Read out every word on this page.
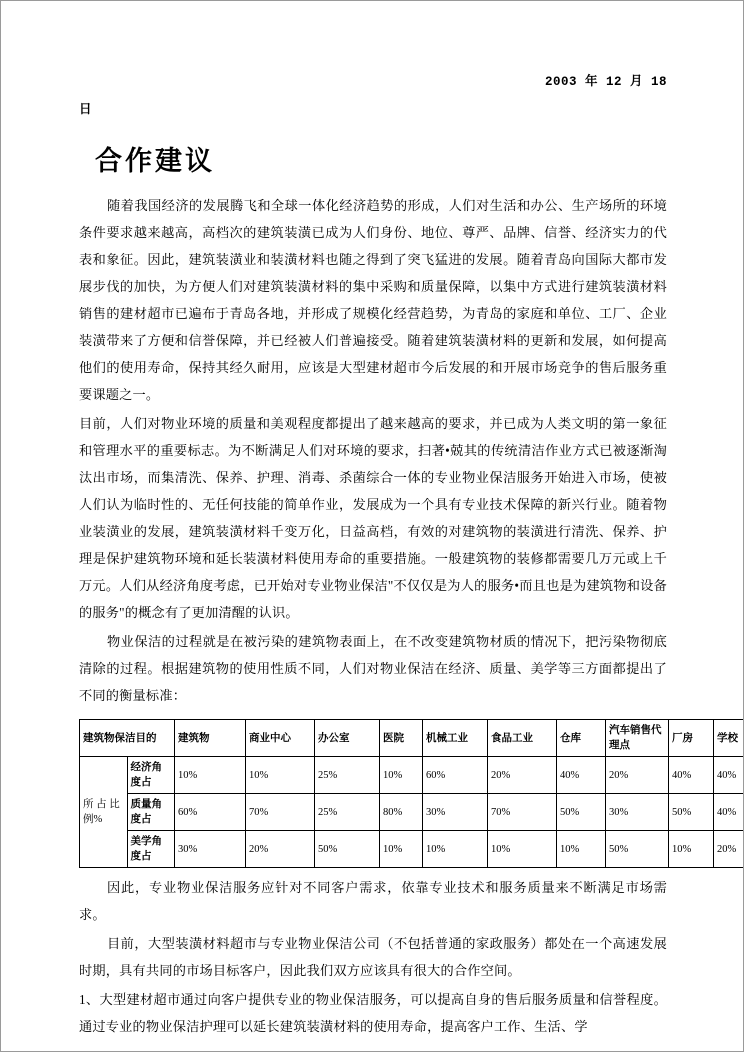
2003 年 12 月 18
日
合作建议

随着我国经济的发展腾飞和全球一体化经济趋势的形成，人们对生活和办公、生产场所的环境条件要求越来越高，高档次的建筑装潢已成为人们身份、地位、尊严、品牌、信誉、经济实力的代表和象征。因此，建筑装潢业和装潢材料也随之得到了突飞猛进的发展。随着青岛向国际大都市发展步伐的加快，为方便人们对建筑装潢材料的集中采购和质量保障，以集中方式进行建筑装潢材料销售的建材超市已遍布于青岛各地，并形成了规模化经营趋势，为青岛的家庭和单位、工厂、企业装潢带来了方便和信誉保障，并已经被人们普遍接受。随着建筑装潢材料的更新和发展，如何提高他们的使用寿命，保持其经久耐用，应该是大型建材超市今后发展的和开展市场竞争的售后服务重要课题之一。

目前，人们对物业环境的质量和美观程度都提出了越来越高的要求，并已成为人类文明的第一象征和管理水平的重要标志。为不断满足人们对环境的要求，扫著•兢其的传统清洁作业方式已被逐渐淘汰出市场，而集清洗、保养、护理、消毒、杀菌综合一体的专业物业保洁服务开始进入市场，使被人们认为临时性的、无任何技能的简单作业，发展成为一个具有专业技术保障的新兴行业。随着物业装潢业的发展，建筑装潢材料千变万化，日益高档，有效的对建筑物的装潢进行清洗、保养、护理是保护建筑物环境和延长装潢材料使用寿命的重要措施。一般建筑物的装修都需要几万元或上千万元。人们从经济角度考虑，已开始对专业物业保洁"不仅仅是为人的服务•而且也是为建筑物和设备的服务"的概念有了更加清醒的认识。

物业保洁的过程就是在被污染的建筑物表面上，在不改变建筑物材质的情况下，把污染物彻底清除的过程。根据建筑物的使用性质不同，人们对物业保洁在经济、质量、美学等三方面都提出了不同的衡量标准：

建筑物保洁目的		建筑物	商业中心	办公室	医院	机械工业	食品工业	仓库	汽车销售代理点	厂房	学校
所 占 比 例%	经济角度占	10%	10%	25%	10%	60%	20%	40%	20%	40%	40%
	质量角度占	60%	70%	25%	80%	30%	70%	50%	30%	50%	40%
	美学角度占	30%	20%	50%	10%	10%	10%	10%	50%	10%	20%

因此，专业物业保洁服务应针对不同客户需求，依靠专业技术和服务质量来不断满足市场需求。

目前，大型装潢材料超市与专业物业保洁公司（不包括普通的家政服务）都处在一个高速发展时期，具有共同的市场目标客户，因此我们双方应该具有很大的合作空间。

1、大型建材超市通过向客户提供专业的物业保洁服务，可以提高自身的售后服务质量和信誉程度。通过专业的物业保洁护理可以延长建筑装潢材料的使用寿命，提高客户工作、生活、学
